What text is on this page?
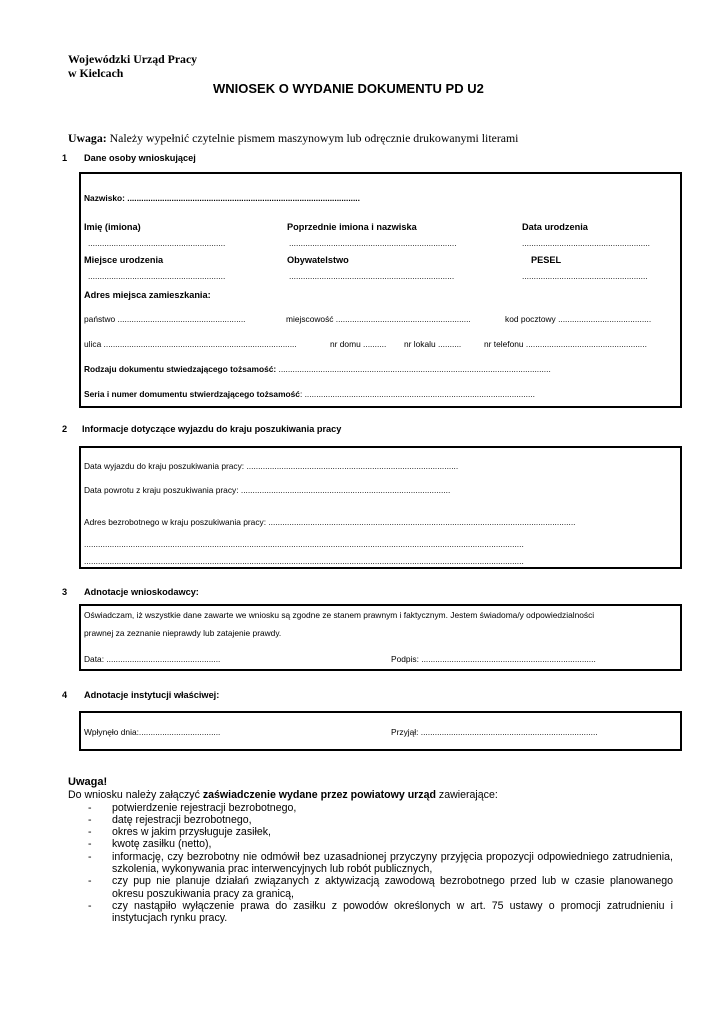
Wojewódzki Urząd Pracy
w Kielcach
WNIOSEK O WYDANIE DOKUMENTU PD U2
Uwaga: Należy wypełnić czytelnie pismem maszynowym lub odręcznie drukowanymi literami
1 Dane osoby wnioskującej
Nazwisko: ....................................................................................................
Imię (imiona)	Poprzednie imiona i nazwiska	Data urodzenia
...........................................................	........................................................................	.......................................................
Miejsce urodzenia	Obywatelstwo	PESEL
...........................................................	.......................................................................	......................................................
Adres miejsca zamieszkania:
państwo .......................................................	miejscowość ..........................................................	kod pocztowy ........................................
ulica ...................................................................................	nr domu .......... nr lokalu ..........	nr telefonu ....................................................
Rodzaju dokumentu stwiedzającego tożsamość: .....................................................................................................................
Seria i numer domumentu stwierdzającego tożsamość: ...................................................................................................
2 Informacje dotyczące wyjazdu do kraju poszukiwania pracy
Data wyjazdu do kraju poszukiwania pracy: ...........................................................................................
Data powrotu z kraju poszukiwania pracy: ..........................................................................................
Adres bezrobotnego w kraju poszukiwania pracy: ....................................................................................................................................
.............................................................................................................................................................................................
.............................................................................................................................................................................................
3 Adnotacje wnioskodawcy:
Oświadczam, iż wszystkie dane zawarte we wniosku są zgodne ze stanem prawnym i faktycznym. Jestem świadoma/y odpowiedzialności
prawnej za zeznanie nieprawdy lub zatajenie prawdy.
Data: .................................................	Podpis: ...........................................................................
4 Adnotacje instytucji właściwej:
Wpłynęło dnia:...................................	Przyjął: ............................................................................
Uwaga!
Do wniosku należy załączyć zaświadczenie wydane przez powiatowy urząd zawierające:
- potwierdzenie rejestracji bezrobotnego,
- datę rejestracji bezrobotnego,
- okres w jakim przysługuje zasiłek,
- kwotę zasiłku (netto),
- informację, czy bezrobotny nie odmówił bez uzasadnionej przyczyny przyjęcia propozycji odpowiedniego zatrudnienia, szkolenia, wykonywania prac interwencyjnych lub robót publicznych,
- czy pup nie planuje działań związanych z aktywizacją zawodową bezrobotnego przed lub w czasie planowanego okresu poszukiwania pracy za granicą,
- czy nastąpiło wyłączenie prawa do zasiłku z powodów określonych w art. 75 ustawy o promocji zatrudnieniu i instytucjach rynku pracy.
